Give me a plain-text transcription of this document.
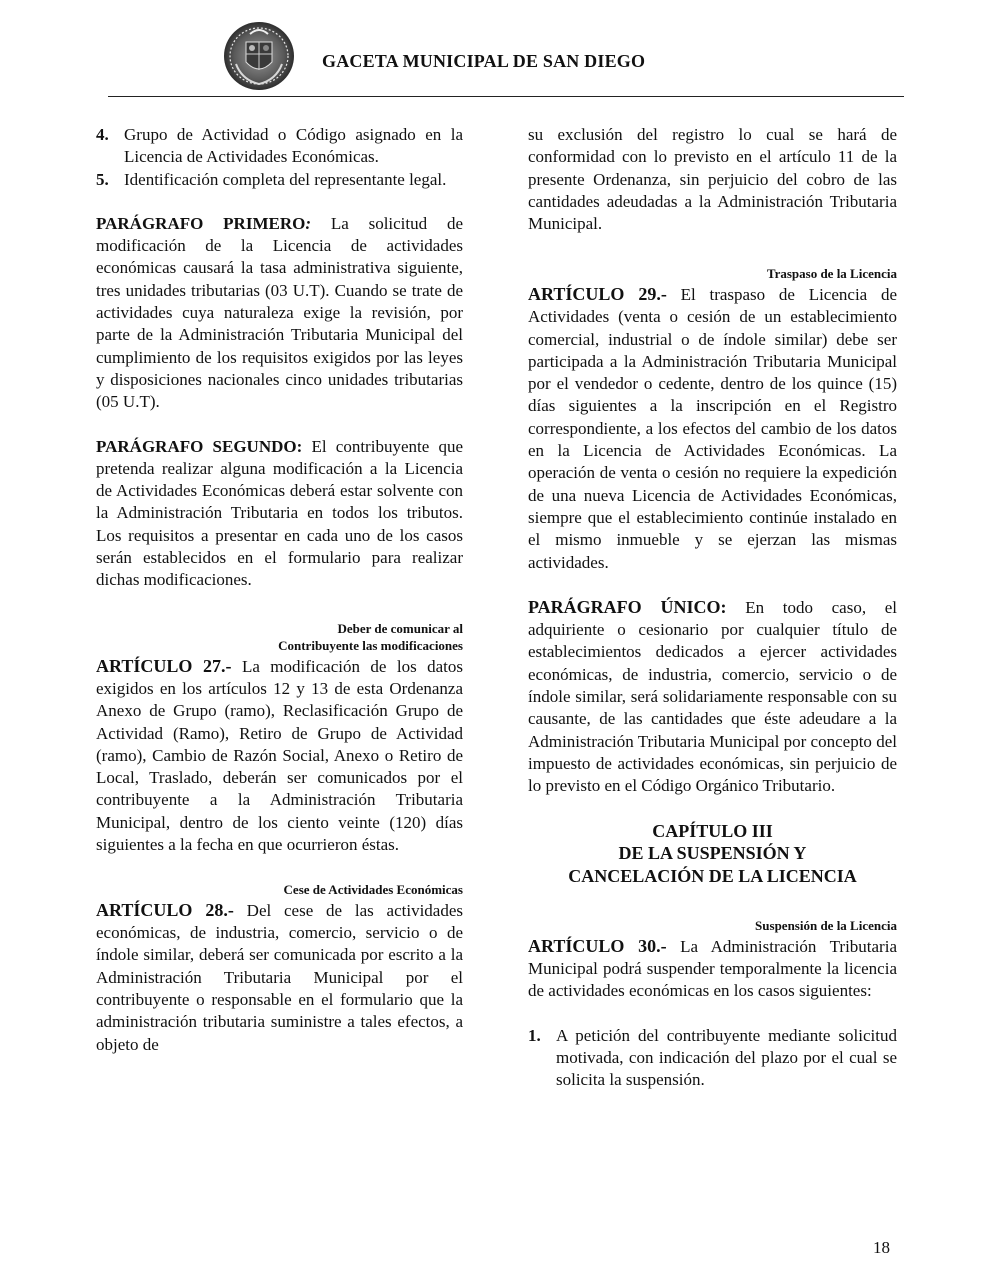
GACETA MUNICIPAL DE SAN DIEGO
4. Grupo de Actividad o Código asignado en la Licencia de Actividades Económicas.
5. Identificación completa del representante legal.

PARÁGRAFO PRIMERO: La solicitud de modificación de la Licencia de actividades económicas causará la tasa administrativa siguiente, tres unidades tributarias (03 U.T). Cuando se trate de actividades cuya naturaleza exige la revisión, por parte de la Administración Tributaria Municipal del cumplimiento de los requisitos exigidos por las leyes y disposiciones nacionales cinco unidades tributarias (05 U.T).

PARÁGRAFO SEGUNDO: El contribuyente que pretenda realizar alguna modificación a la Licencia de Actividades Económicas deberá estar solvente con la Administración Tributaria en todos los tributos. Los requisitos a presentar en cada uno de los casos serán establecidos en el formulario para realizar dichas modificaciones.

Deber de comunicar al

Contribuyente las modificaciones

ARTÍCULO 27.- La modificación de los datos exigidos en los artículos 12 y 13 de esta Ordenanza Anexo de Grupo (ramo), Reclasificación Grupo de Actividad (Ramo), Retiro de Grupo de Actividad (ramo), Cambio de Razón Social, Anexo o Retiro de Local, Traslado, deberán ser comunicados por el contribuyente a la Administración Tributaria Municipal, dentro de los ciento veinte (120) días siguientes a la fecha en que ocurrieron éstas.

Cese de Actividades Económicas

ARTÍCULO 28.- Del cese de las actividades económicas, de industria, comercio, servicio o de índole similar, deberá ser comunicada por escrito a la Administración Tributaria Municipal por el contribuyente o responsable en el formulario que la administración tributaria suministre a tales efectos, a objeto de

su exclusión del registro lo cual se hará de conformidad con lo previsto en el artículo 11 de la presente Ordenanza, sin perjuicio del cobro de las cantidades adeudadas a la Administración Tributaria Municipal.

Traspaso de la Licencia

ARTÍCULO 29.- El traspaso de Licencia de Actividades (venta o cesión de un establecimiento comercial, industrial o de índole similar) debe ser participada a la Administración Tributaria Municipal por el vendedor o cedente, dentro de los quince (15) días siguientes a la inscripción en el Registro correspondiente, a los efectos del cambio de los datos en la Licencia de Actividades Económicas. La operación de venta o cesión no requiere la expedición de una nueva Licencia de Actividades Económicas, siempre que el establecimiento continúe instalado en el mismo inmueble y se ejerzan las mismas actividades.

PARÁGRAFO ÚNICO: En todo caso, el adquiriente o cesionario por cualquier título de establecimientos dedicados a ejercer actividades económicas, de industria, comercio, servicio o de índole similar, será solidariamente responsable con su causante, de las cantidades que éste adeudare a la Administración Tributaria Municipal por concepto del impuesto de actividades económicas, sin perjuicio de lo previsto en el Código Orgánico Tributario.

CAPÍTULO III
DE LA SUSPENSIÓN Y
CANCELACIÓN DE LA LICENCIA

Suspensión de la Licencia

ARTÍCULO 30.- La Administración Tributaria Municipal podrá suspender temporalmente la licencia de actividades económicas en los casos siguientes:

1. A petición del contribuyente mediante solicitud motivada, con indicación del plazo por el cual se solicita la suspensión.
18
